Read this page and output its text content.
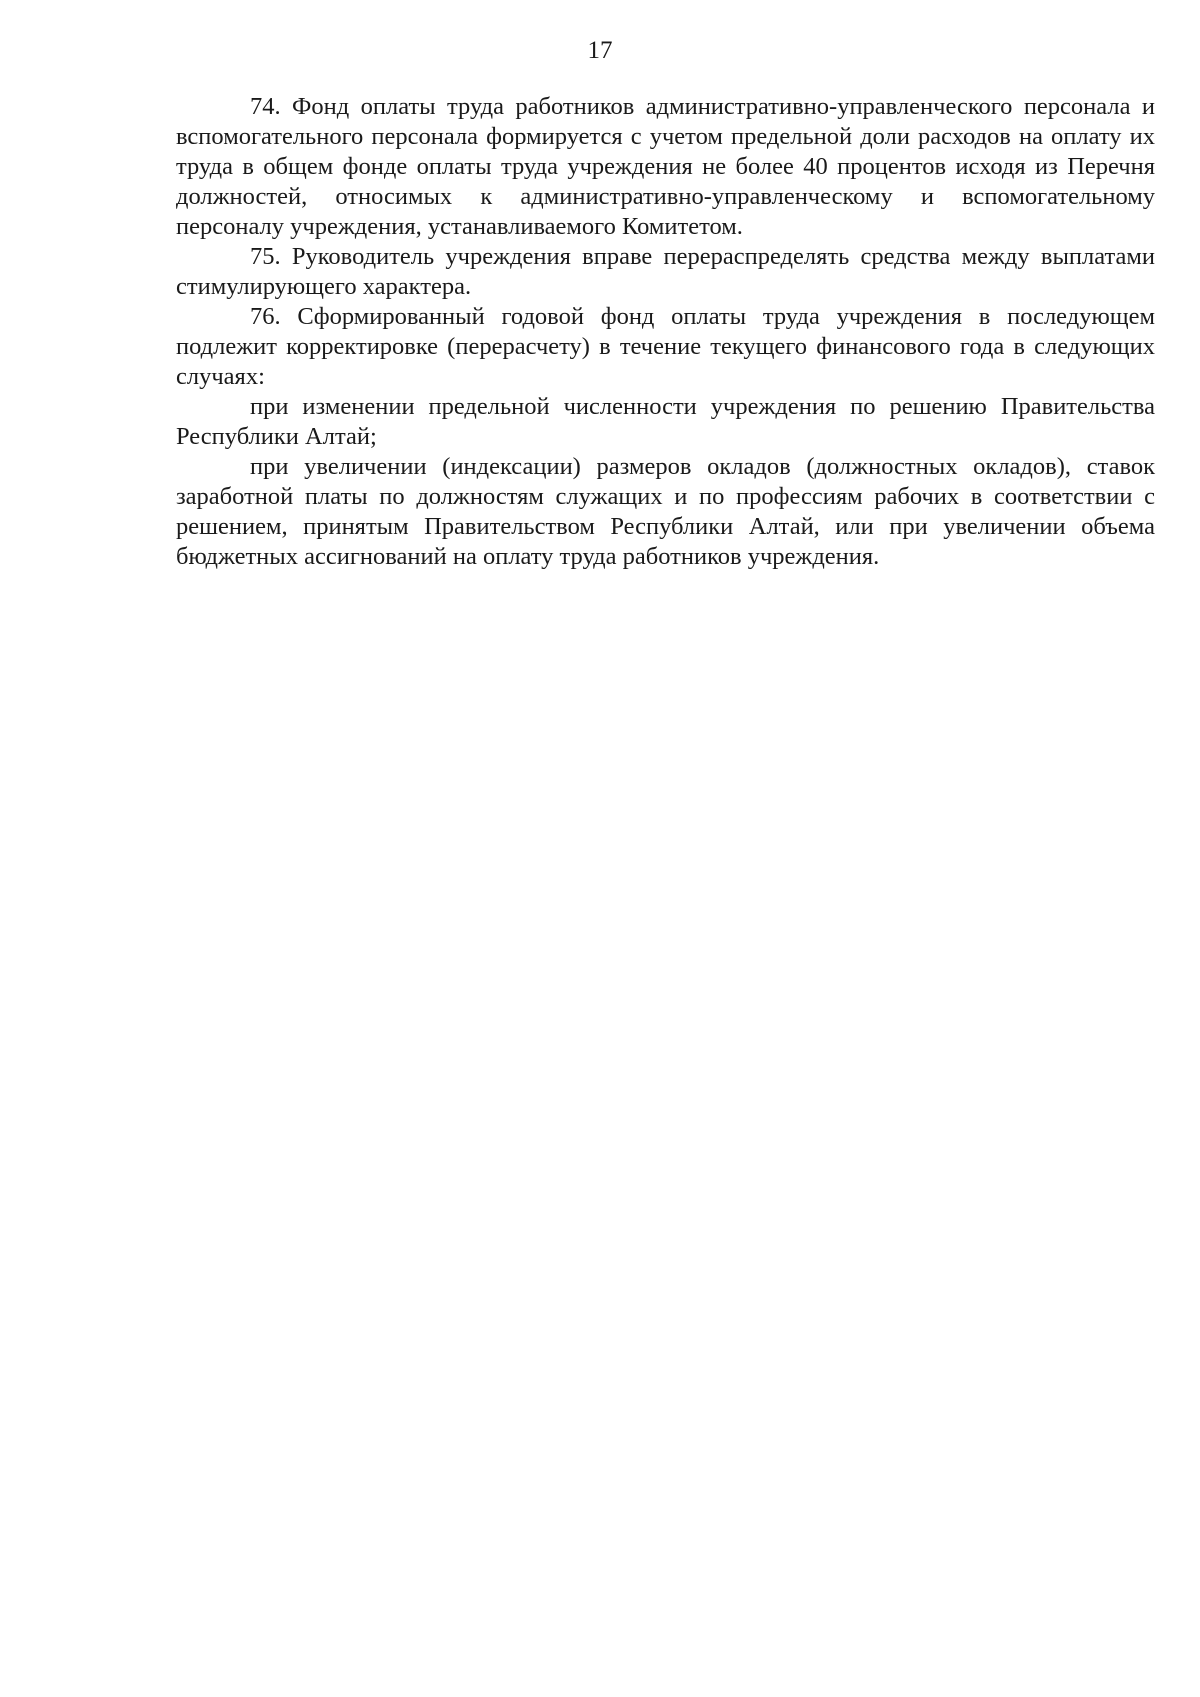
17

74. Фонд оплаты труда работников административно-управленческого персонала и вспомогательного персонала формируется с учетом предельной доли расходов на оплату их труда в общем фонде оплаты труда учреждения не более 40 процентов исходя из Перечня должностей, относимых к административно-управленческому и вспомогательному персоналу учреждения, устанавливаемого Комитетом.

75. Руководитель учреждения вправе перераспределять средства между выплатами стимулирующего характера.

76. Сформированный годовой фонд оплаты труда учреждения в последующем подлежит корректировке (перерасчету) в течение текущего финансового года в следующих случаях:

при изменении предельной численности учреждения по решению Правительства Республики Алтай;

при увеличении (индексации) размеров окладов (должностных окладов), ставок заработной платы по должностям служащих и по профессиям рабочих в соответствии с решением, принятым Правительством Республики Алтай, или при увеличении объема бюджетных ассигнований на оплату труда работников учреждения.
